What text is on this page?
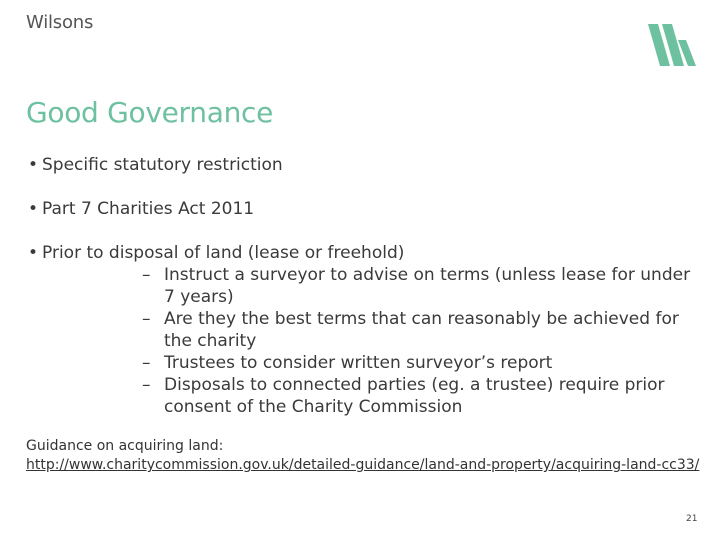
Wilsons
Good Governance
• Specific statutory restriction
• Part 7 Charities Act 2011
• Prior to disposal of land (lease or freehold)
– Instruct a surveyor to advise on terms (unless lease for under 7 years)
– Are they the best terms that can reasonably be achieved for the charity
– Trustees to consider written surveyor’s report
– Disposals to connected parties (eg. a trustee) require prior consent of the Charity Commission
Guidance on acquiring land:
http://www.charitycommission.gov.uk/detailed-guidance/land-and-property/acquiring-land-cc33/
21
